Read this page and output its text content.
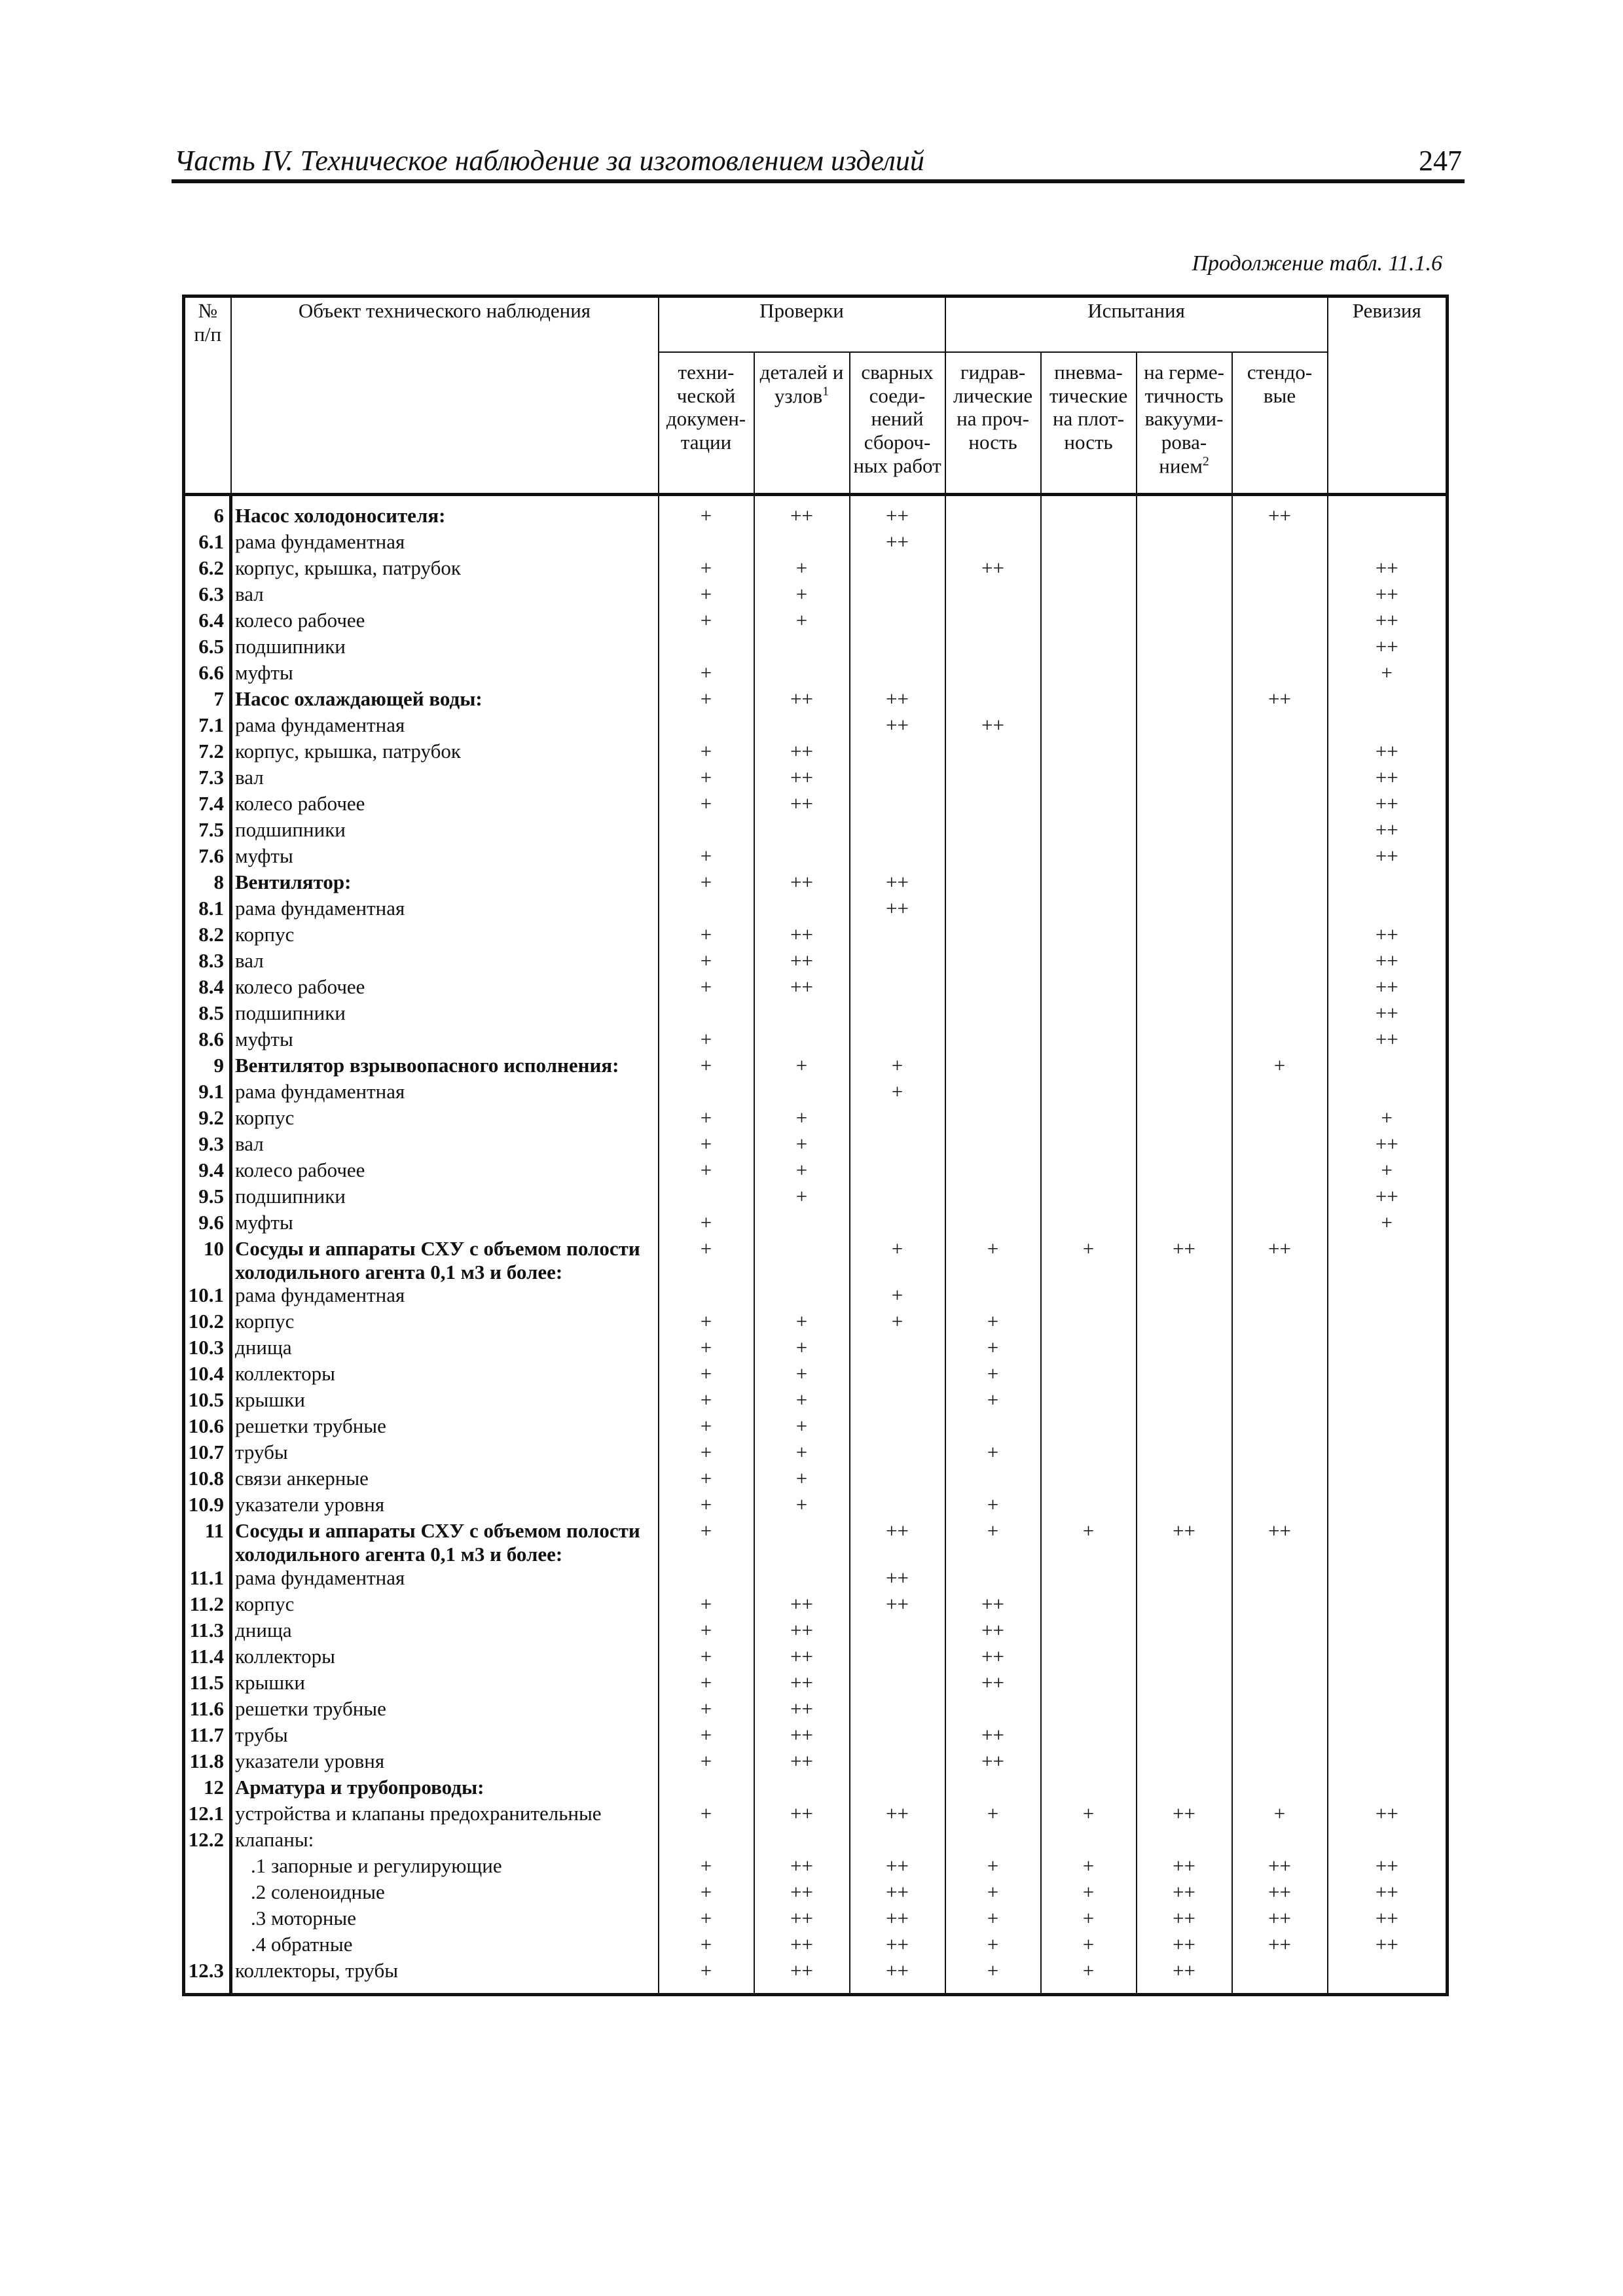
Часть IV. Техническое наблюдение за изготовлением изделий	247
Продолжение табл. 11.1.6
№ п/п	Объект технического наблюдения	Проверки			Испытания				Ревизия
		техни-ческой докумен-тации	деталей и узлов$^1$	сварных соеди-нений сбороч-ных работ	гидрав-лические на проч-ность	пневма-тические на плот-ность	на герме-тичность вакууми-рова-нием$^2$	стендо-вые	
6	Насос холодоносителя:	+	++	++				++	
6.1	рама фундаментная			++					
6.2	корпус, крышка, патрубок	+	+		++				++
6.3	вал	+	+						++
6.4	колесо рабочее	+	+						++
6.5	подшипники								++
6.6	муфты	+							+
7	Насос охлаждающей воды:	+	++	++				++	
7.1	рама фундаментная			++	++				
7.2	корпус, крышка, патрубок	+	++						++
7.3	вал	+	++						++
7.4	колесо рабочее	+	++						++
7.5	подшипники								++
7.6	муфты	+							++
8	Вентилятор:	+	++	++					
8.1	рама фундаментная			++					
8.2	корпус	+	++						++
8.3	вал	+	++						++
8.4	колесо рабочее	+	++						++
8.5	подшипники								++
8.6	муфты	+							++
9	Вентилятор взрывоопасного исполнения:	+	+	+				+	
9.1	рама фундаментная			+					
9.2	корпус	+	+						+
9.3	вал	+	+						++
9.4	колесо рабочее	+	+						+
9.5	подшипники		+						++
9.6	муфты	+							+
10	Сосуды и аппараты СХУ с объемом полости холодильного агента 0,1 м3 и более:	+		+	+	+	++	++	
10.1	рама фундаментная			+					
10.2	корпус	+	+	+	+				
10.3	днища	+	+		+				
10.4	коллекторы	+	+		+				
10.5	крышки	+	+		+				
10.6	решетки трубные	+	+						
10.7	трубы	+	+		+				
10.8	связи анкерные	+	+						
10.9	указатели уровня	+	+		+				
11	Сосуды и аппараты СХУ с объемом полости холодильного агента 0,1 м3 и более:	+		++	+	+	++	++	
11.1	рама фундаментная			++					
11.2	корпус	+	++	++	++				
11.3	днища	+	++		++				
11.4	коллекторы	+	++		++				
11.5	крышки	+	++		++				
11.6	решетки трубные	+	++						
11.7	трубы	+	++		++				
11.8	указатели уровня	+	++		++				
12	Арматура и трубопроводы:								
12.1	устройства и клапаны предохранительные	+	++	++	+	+	++	+	++
12.2	клапаны:								
	.1 запорные и регулирующие	+	++	++	+	+	++	++	++
	.2 соленоидные	+	++	++	+	+	++	++	++
	.3 моторные	+	++	++	+	+	++	++	++
	.4 обратные	+	++	++	+	+	++	++	++
12.3	коллекторы, трубы	+	++	++	+	+	++		
